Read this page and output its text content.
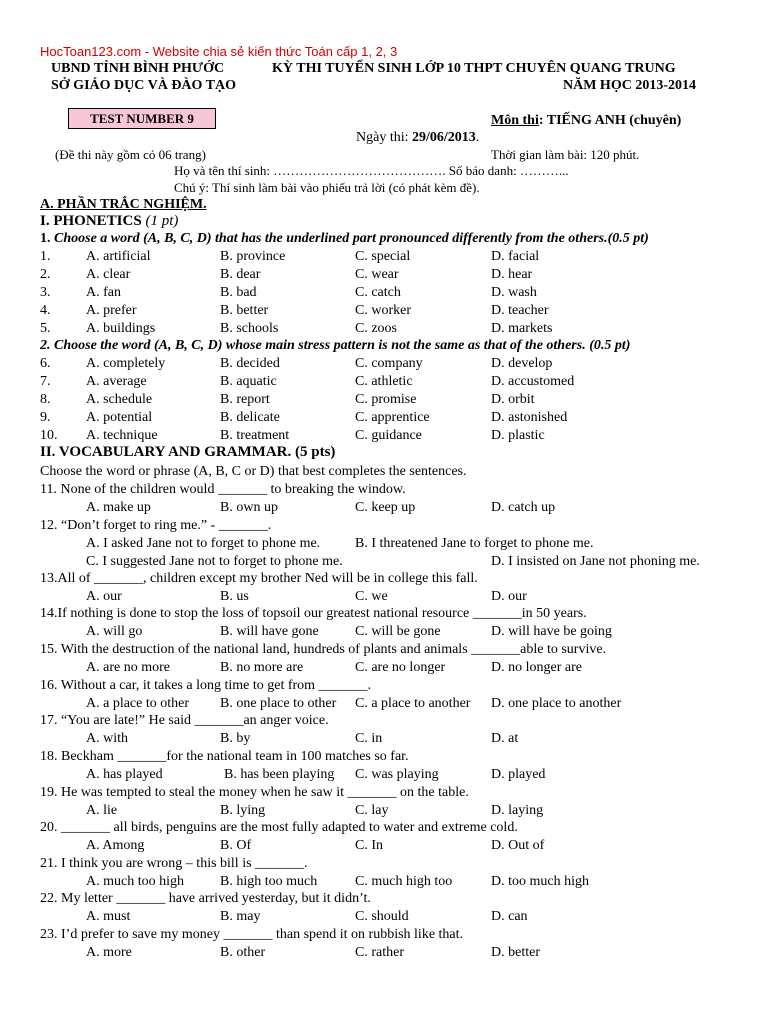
HocToan123.com - Website chia sẻ kiến thức Toán cấp 1, 2, 3
UBND TỈNH BÌNH PHƯỚC
SỞ GIÁO DỤC VÀ ĐÀO TẠO
KỲ THI TUYỂN SINH LỚP 10 THPT CHUYÊN QUANG TRUNG
NĂM HỌC 2013-2014
TEST NUMBER 9	Môn thi: TIẾNG ANH (chuyên)
Ngày thi: 29/06/2013.
(Đề thi này gồm có 06 trang)	Thời gian làm bài: 120 phút.
Họ và tên thí sinh: …………………………………. Số báo danh: ………...
Chú ý: Thí sinh làm bài vào phiếu trả lời (có phát kèm đề).
A. PHẦN TRẮC NGHIỆM.
I. PHONETICS (1 pt)
1. Choose a word (A, B, C, D) that has the underlined part pronounced differently from the others.(0.5 pt)
1.	A. artificial	B. province	C. special	D. facial
2.	A. clear	B. dear	C. wear	D. hear
3.	A. fan	B. bad	C. catch	D. wash
4.	A. prefer	B. better	C. worker	D. teacher
5.	A. buildings	B. schools	C. zoos	D. markets
2. Choose the word (A, B, C, D) whose main stress pattern is not the same as that of the others. (0.5 pt)
6.	A. completely	B. decided	C. company	D. develop
7.	A. average	B. aquatic	C. athletic	D. accustomed
8.	A. schedule	B. report	C. promise	D. orbit
9.	A. potential	B. delicate	C. apprentice	D. astonished
10. A. technique	B. treatment	C. guidance	D. plastic
II. VOCABULARY AND GRAMMAR. (5 pts)
Choose the word or phrase (A, B, C or D) that best completes the sentences.
11. None of the children would _______ to breaking the window.
A. make up	B. own up	C. keep up	D. catch up
12. “Don’t forget to ring me.” - _______.
A. I asked Jane not to forget to phone me. B. I threatened Jane to forget to phone me.
C. I suggested Jane not to forget to phone me.	D. I insisted on Jane not phoning me.
13.All of _______, children except my brother Ned will be in college this fall.
A. our	B. us	C. we	D. our
14.If nothing is done to stop the loss of topsoil our greatest national resource _______in 50 years.
A. will go	B. will have gone	C. will be gone	D. will have be going
15. With the destruction of the national land, hundreds of plants and animals _______able to survive.
A. are no more	B. no more are	C. are no longer	D. no longer are
16. Without a car, it takes a long time to get from _______.
A. a place to other B. one place to other C. a place to another D. one place to another
17. “You are late!” He said _______an anger voice.
A. with	B. by	C. in	D. at
18. Beckham _______for the national team in 100 matches so far.
A. has played	B. has been playing C. was playing	D. played
19. He was tempted to steal the money when he saw it _______ on the table.
A. lie	B. lying	C. lay	D. laying
20. _______ all birds, penguins are the most fully adapted to water and extreme cold.
A. Among	B. Of	C. In	D. Out of
21. I think you are wrong – this bill is _______.
A. much too high	B. high too much	C. much high too	D. too much high
22. My letter _______ have arrived yesterday, but it didn’t.
A. must	B. may	C. should	D. can
23. I’d prefer to save my money _______ than spend it on rubbish like that.
A. more	B. other	C. rather	D. better
